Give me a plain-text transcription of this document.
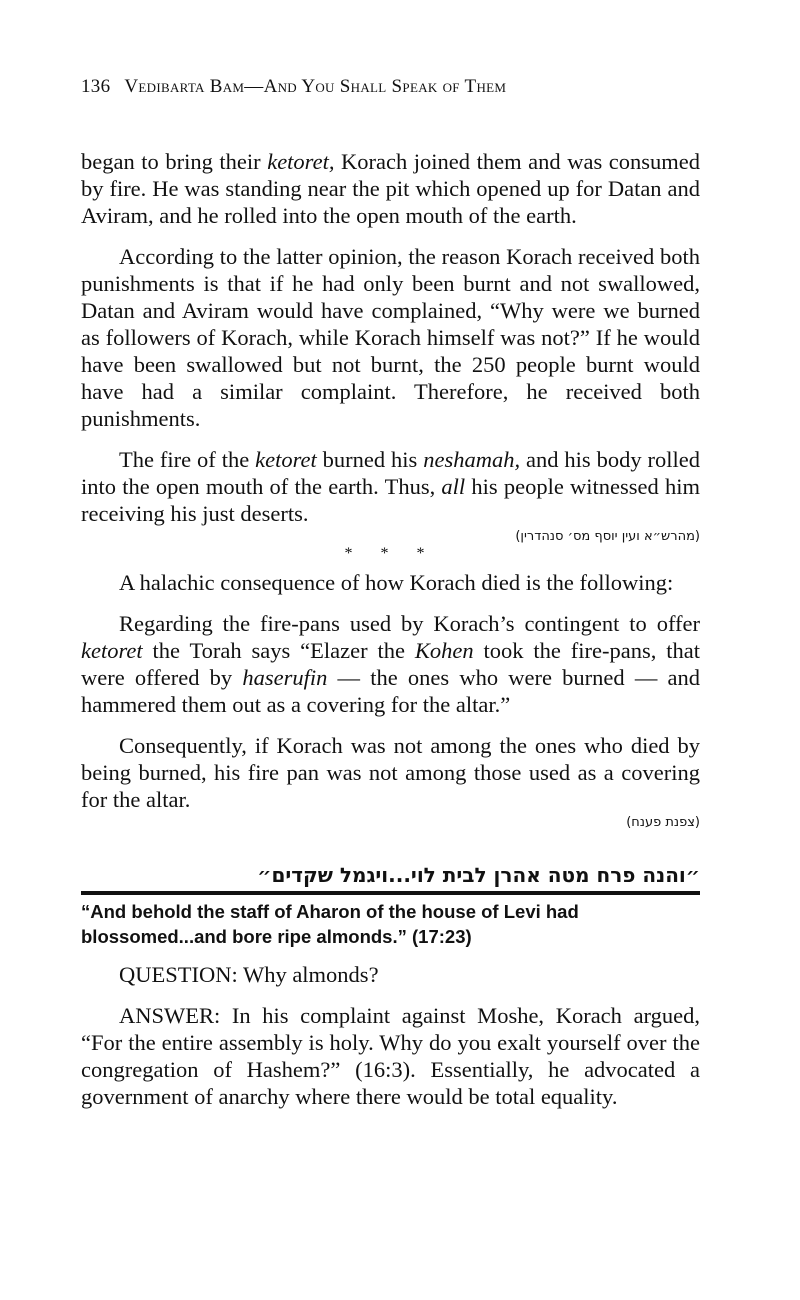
136 Vedibarta Bam—And You Shall Speak of Them

began to bring their ketoret, Korach joined them and was consumed by fire. He was standing near the pit which opened up for Datan and Aviram, and he rolled into the open mouth of the earth.

According to the latter opinion, the reason Korach received both punishments is that if he had only been burnt and not swallowed, Datan and Aviram would have complained, “Why were we burned as followers of Korach, while Korach himself was not?” If he would have been swallowed but not burnt, the 250 people burnt would have had a similar complaint. Therefore, he received both punishments.

The fire of the ketoret burned his neshamah, and his body rolled into the open mouth of the earth. Thus, all his people witnessed him receiving his just deserts.

(מהרש״א ועין יוסף מס׳ סנהדרין)
* * *

A halachic consequence of how Korach died is the following:

Regarding the fire-pans used by Korach’s contingent to offer ketoret the Torah says “Elazer the Kohen took the fire-pans, that were offered by haserufin — the ones who were burned — and hammered them out as a covering for the altar.”

Consequently, if Korach was not among the ones who died by being burned, his fire pan was not among those used as a covering for the altar.

(צפנת פענח)
״והנה פרח מטה אהרן לבית לוי...ויגמל שקדים״
“And behold the staff of Aharon of the house of Levi had blossomed...and bore ripe almonds.” (17:23)

QUESTION: Why almonds?

ANSWER: In his complaint against Moshe, Korach argued, “For the entire assembly is holy. Why do you exalt yourself over the congregation of Hashem?” (16:3). Essentially, he advocated a government of anarchy where there would be total equality.
